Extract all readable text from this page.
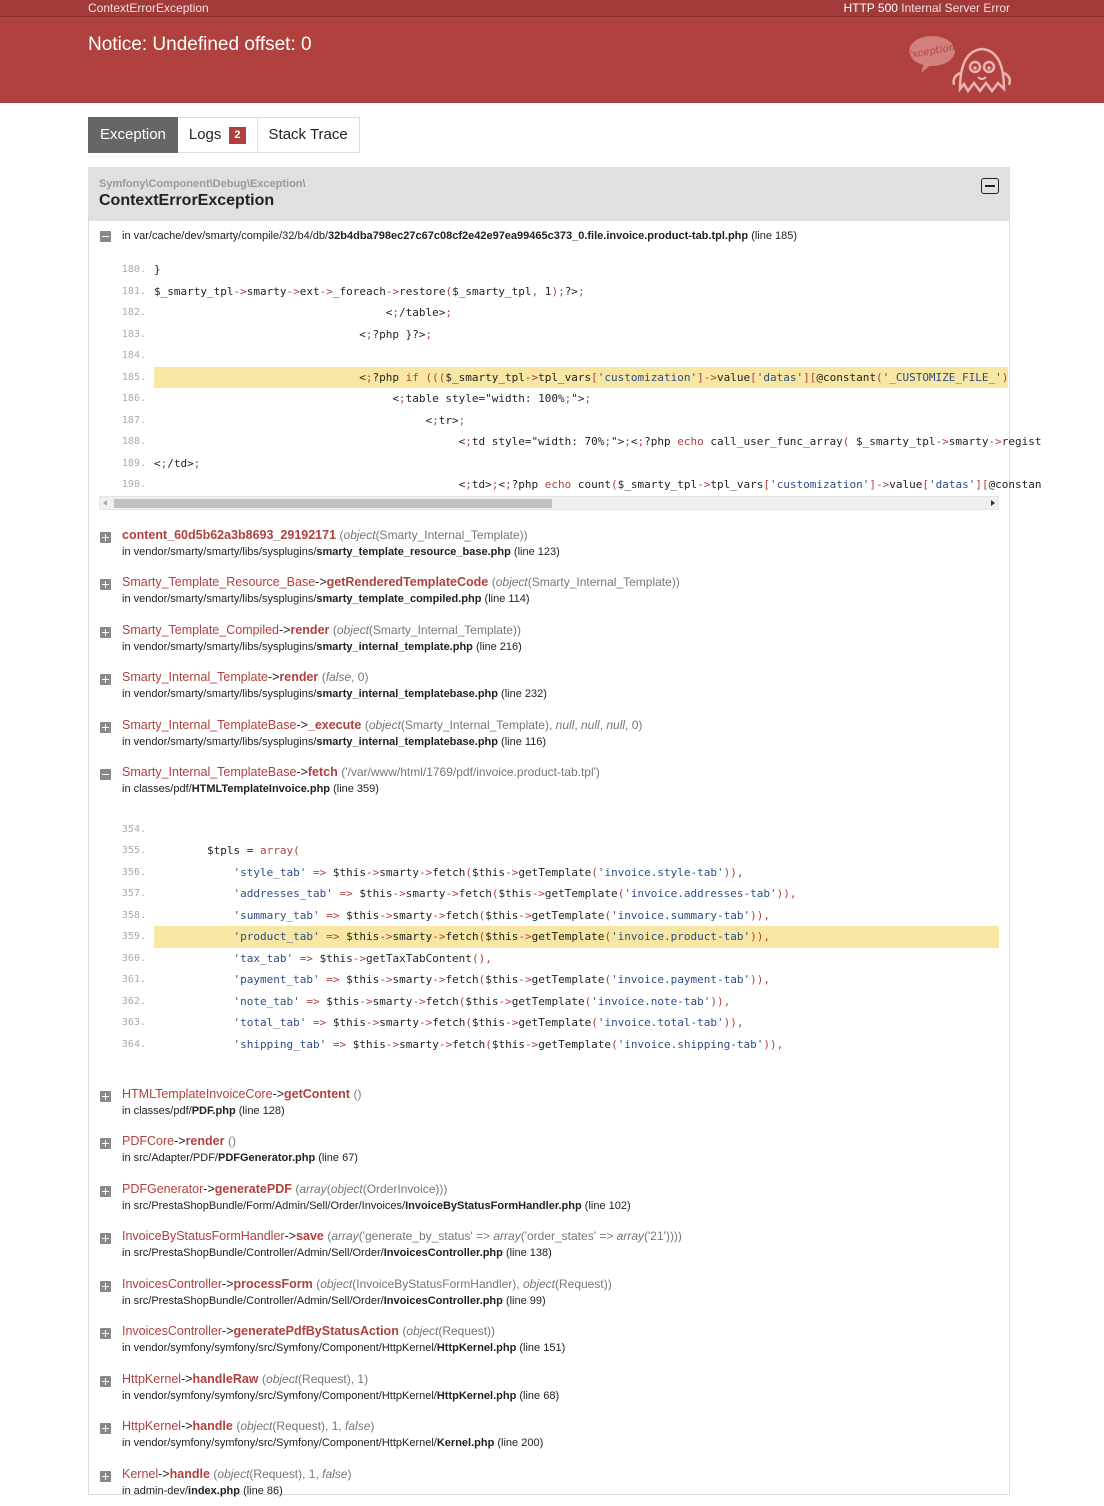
ContextErrorException	HTTP 500 Internal Server Error
Notice: Undefined offset: 0	Exception!
Exception Logs	2	Stack Trace
Symfony\Component\Debug\Exception\
ContextErrorException
in var/cache/dev/smarty/compile/32/b4/db/32b4dba798ec27c67c08cf2e42e97ea99465c373_0.file.invoice.product-tab.tpl.php (line 185)
180. }
181. $_smarty_tpl->smarty->ext->_foreach->restore($_smarty_tpl, 1);?>;
182. <;/table>;
183. <;?php }?>;
184.
185. <;?php if ((($_smarty_tpl->tpl_vars['customization']->value['datas'][@constant('_CUSTOMIZE_FILE_')
186. <;table style="width: 100%;">;
187. <;tr>;
188. <;td style="width: 70%;">;<;?php echo call_user_func_array( $_smarty_tpl->smarty->regist
189. <;/td>;
190. <;td>;<;?php echo count($_smarty_tpl->tpl_vars['customization']->value['datas'][@constan
content_60d5b62a3b8693_29192171 (object(Smarty_Internal_Template))
in vendor/smarty/smarty/libs/sysplugins/smarty_template_resource_base.php (line 123)
Smarty_Template_Resource_Base->getRenderedTemplateCode (object(Smarty_Internal_Template))
in vendor/smarty/smarty/libs/sysplugins/smarty_template_compiled.php (line 114)
Smarty_Template_Compiled->render (object(Smarty_Internal_Template))
in vendor/smarty/smarty/libs/sysplugins/smarty_internal_template.php (line 216)
Smarty_Internal_Template->render (false, 0)
in vendor/smarty/smarty/libs/sysplugins/smarty_internal_templatebase.php (line 232)
Smarty_Internal_TemplateBase->_execute (object(Smarty_Internal_Template), null, null, null, 0)
in vendor/smarty/smarty/libs/sysplugins/smarty_internal_templatebase.php (line 116)
Smarty_Internal_TemplateBase->fetch ('/var/www/html/1769/pdf/invoice.product-tab.tpl')
in classes/pdf/HTMLTemplateInvoice.php (line 359)
354.
355. $tpls = array(
356.	'style_tab' => $this->smarty->fetch($this->getTemplate('invoice.style-tab')),
357.	'addresses_tab' => $this->smarty->fetch($this->getTemplate('invoice.addresses-tab')),
358.	'summary_tab' => $this->smarty->fetch($this->getTemplate('invoice.summary-tab')),
359.	'product_tab' => $this->smarty->fetch($this->getTemplate('invoice.product-tab')),
360.	'tax_tab' => $this->getTaxTabContent(),
361.	'payment_tab' => $this->smarty->fetch($this->getTemplate('invoice.payment-tab')),
362.	'note_tab' => $this->smarty->fetch($this->getTemplate('invoice.note-tab')),
363.	'total_tab' => $this->smarty->fetch($this->getTemplate('invoice.total-tab')),
364.	'shipping_tab' => $this->smarty->fetch($this->getTemplate('invoice.shipping-tab')),
HTMLTemplateInvoiceCore->getContent ()
in classes/pdf/PDF.php (line 128)
PDFCore->render ()
in src/Adapter/PDF/PDFGenerator.php (line 67)
PDFGenerator->generatePDF (array(object(OrderInvoice)))
in src/PrestaShopBundle/Form/Admin/Sell/Order/Invoices/InvoiceByStatusFormHandler.php (line 102)
InvoiceByStatusFormHandler->save (array('generate_by_status' => array('order_states' => array('21'))))
in src/PrestaShopBundle/Controller/Admin/Sell/Order/InvoicesController.php (line 138)
InvoicesController->processForm (object(InvoiceByStatusFormHandler), object(Request))
in src/PrestaShopBundle/Controller/Admin/Sell/Order/InvoicesController.php (line 99)
InvoicesController->generatePdfByStatusAction (object(Request))
in vendor/symfony/symfony/src/Symfony/Component/HttpKernel/HttpKernel.php (line 151)
HttpKernel->handleRaw (object(Request), 1)
in vendor/symfony/symfony/src/Symfony/Component/HttpKernel/HttpKernel.php (line 68)
HttpKernel->handle (object(Request), 1, false)
in vendor/symfony/symfony/src/Symfony/Component/HttpKernel/Kernel.php (line 200)
Kernel->handle (object(Request), 1, false)
in admin-dev/index.php (line 86)
